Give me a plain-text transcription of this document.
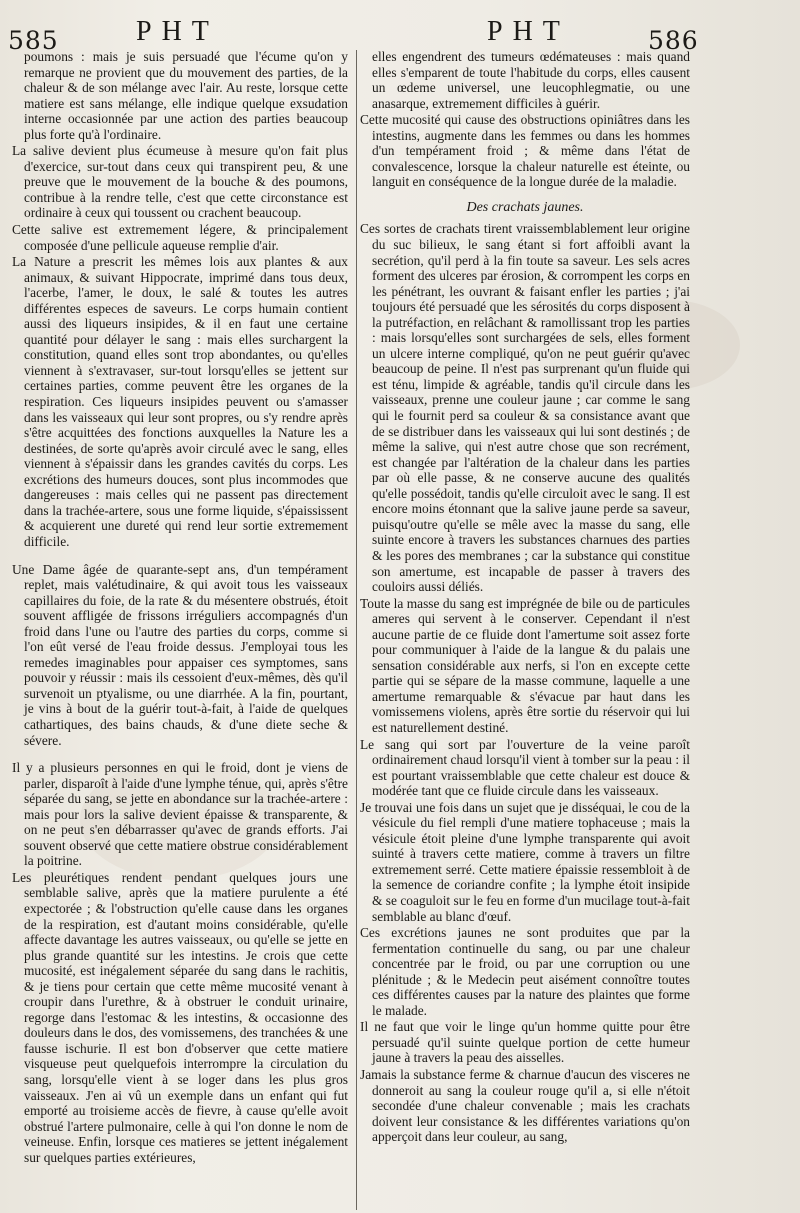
585	PHT	PHT	586

poumons : mais je suis persuadé que l'écume qu'on y remarque ne provient que du mouvement des parties, de la chaleur & de son mélange avec l'air. Au reste, lorsque cette matiere est sans mélange, elle indique quelque exsudation interne occasionnée par une action des parties beaucoup plus forte qu'à l'ordinaire.

La salive devient plus écumeuse à mesure qu'on fait plus d'exercice, sur-tout dans ceux qui transpirent peu, & une preuve que le mouvement de la bouche & des poumons, contribue à la rendre telle, c'est que cette circonstance est ordinaire à ceux qui toussent ou crachent beaucoup.

Cette salive est extremement légere, & principalement composée d'une pellicule aqueuse remplie d'air.

La Nature a prescrit les mêmes lois aux plantes & aux animaux, & suivant Hippocrate, imprimé dans tous deux, l'acerbe, l'amer, le doux, le salé & toutes les autres différentes especes de saveurs. Le corps humain contient aussi des liqueurs insipides, & il en faut une certaine quantité pour délayer le sang : mais elles surchargent la constitution, quand elles sont trop abondantes, ou qu'elles viennent à s'extravaser, sur-tout lorsqu'elles se jettent sur certaines parties, comme peuvent être les organes de la respiration. Ces liqueurs insipides peuvent ou s'amasser dans les vaisseaux qui leur sont propres, ou s'y rendre après s'être acquittées des fonctions auxquelles la Nature les a destinées, de sorte qu'après avoir circulé avec le sang, elles viennent à s'épaissir dans les grandes cavités du corps. Les excrétions des humeurs douces, sont plus incommodes que dangereuses : mais celles qui ne passent pas directement dans la trachée-artere, sous une forme liquide, s'épaississent & acquierent une dureté qui rend leur sortie extremement difficile.

Une Dame âgée de quarante-sept ans, d'un tempérament replet, mais valétudinaire, & qui avoit tous les vaisseaux capillaires du foie, de la rate & du mésentere obstrués, étoit souvent affligée de frissons irréguliers accompagnés d'un froid dans l'une ou l'autre des parties du corps, comme si l'on eût versé de l'eau froide dessus. J'employai tous les remedes imaginables pour appaiser ces symptomes, sans pouvoir y réussir : mais ils cessoient d'eux-mêmes, dès qu'il survenoit un ptyalisme, ou une diarrhée. A la fin, pourtant, je vins à bout de la guérir tout-à-fait, à l'aide de quelques cathartiques, des bains chauds, & d'une diete seche & sévere.

Il y a plusieurs personnes en qui le froid, dont je viens de parler, disparoît à l'aide d'une lymphe ténue, qui, après s'être séparée du sang, se jette en abondance sur la trachée-artere : mais pour lors la salive devient épaisse & transparente, & on ne peut s'en débarrasser qu'avec de grands efforts. J'ai souvent observé que cette matiere obstrue considérablement la poitrine.

Les pleurétiques rendent pendant quelques jours une semblable salive, après que la matiere purulente a été expectorée ; & l'obstruction qu'elle cause dans les organes de la respiration, est d'autant moins considérable, qu'elle affecte davantage les autres vaisseaux, ou qu'elle se jette en plus grande quantité sur les intestins. Je crois que cette mucosité, est inégalement séparée du sang dans le rachitis, & je tiens pour certain que cette même mucosité venant à croupir dans l'urethre, & à obstruer le conduit urinaire, regorge dans l'estomac & les intestins, & occasionne des douleurs dans le dos, des vomissemens, des tranchées & une fausse ischurie. Il est bon d'observer que cette matiere visqueuse peut quelquefois interrompre la circulation du sang, lorsqu'elle vient à se loger dans les plus gros vaisseaux. J'en ai vû un exemple dans un enfant qui fut emporté au troisieme accès de fievre, à cause qu'elle avoit obstrué l'artere pulmonaire, celle à qui l'on donne le nom de veineuse. Enfin, lorsque ces matieres se jettent inégalement sur quelques parties extérieures,

elles engendrent des tumeurs œdémateuses : mais quand elles s'emparent de toute l'habitude du corps, elles causent un œdeme universel, une leucophlegmatie, ou une anasarque, extremement difficiles à guérir.

Cette mucosité qui cause des obstructions opiniâtres dans les intestins, augmente dans les femmes ou dans les hommes d'un tempérament froid ; & même dans l'état de convalescence, lorsque la chaleur naturelle est éteinte, ou languit en conséquence de la longue durée de la maladie.

Des crachats jaunes.

Ces sortes de crachats tirent vraissemblablement leur origine du suc bilieux, le sang étant si fort affoibli avant la secrétion, qu'il perd à la fin toute sa saveur. Les sels acres forment des ulceres par érosion, & corrompent les corps en les pénétrant, les ouvrant & faisant enfler les parties ; j'ai toujours été persuadé que les sérosités du corps disposent à la putréfaction, en relâchant & ramollissant trop les parties : mais lorsqu'elles sont surchargées de sels, elles forment un ulcere interne compliqué, qu'on ne peut guérir qu'avec beaucoup de peine. Il n'est pas surprenant qu'un fluide qui est ténu, limpide & agréable, tandis qu'il circule dans les vaisseaux, prenne une couleur jaune ; car comme le sang qui le fournit perd sa couleur & sa consistance avant que de se distribuer dans les vaisseaux qui lui sont destinés ; de même la salive, qui n'est autre chose que son recrément, est changée par l'altération de la chaleur dans les parties par où elle passe, & ne conserve aucune des qualités qu'elle possédoit, tandis qu'elle circuloit avec le sang. Il est encore moins étonnant que la salive jaune perde sa saveur, puisqu'outre qu'elle se mêle avec la masse du sang, elle suinte encore à travers les substances charnues des parties & les pores des membranes ; car la substance qui constitue son amertume, est incapable de passer à travers des couloirs aussi déliés.

Toute la masse du sang est imprégnée de bile ou de particules ameres qui servent à le conserver. Cependant il n'est aucune partie de ce fluide dont l'amertume soit assez forte pour communiquer à l'aide de la langue & du palais une sensation considérable aux nerfs, si l'on en excepte cette partie qui se sépare de la masse commune, laquelle a une amertume remarquable & s'évacue par haut dans les vomissemens violens, après être sortie du réservoir qui lui est naturellement destiné.

Le sang qui sort par l'ouverture de la veine paroît ordinairement chaud lorsqu'il vient à tomber sur la peau : il est pourtant vraissemblable que cette chaleur est douce & modérée tant que ce fluide circule dans les vaisseaux.

Je trouvai une fois dans un sujet que je disséquai, le cou de la vésicule du fiel rempli d'une matiere tophaceuse ; mais la vésicule étoit pleine d'une lymphe transparente qui avoit suinté à travers cette matiere, comme à travers un filtre extremement serré. Cette matiere épaissie ressembloit à de la semence de coriandre confite ; la lymphe étoit insipide & se coaguloit sur le feu en forme d'un mucilage tout-à-fait semblable au blanc d'œuf.

Ces excrétions jaunes ne sont produites que par la fermentation continuelle du sang, ou par une chaleur concentrée par le froid, ou par une corruption ou une plénitude ; & le Medecin peut aisément connoître toutes ces différentes causes par la nature des plaintes que forme le malade.

Il ne faut que voir le linge qu'un homme quitte pour être persuadé qu'il suinte quelque portion de cette humeur jaune à travers la peau des aisselles.

Jamais la substance ferme & charnue d'aucun des visceres ne donneroit au sang la couleur rouge qu'il a, si elle n'étoit secondée d'une chaleur convenable ; mais les crachats doivent leur consistance & les différentes variations qu'on apperçoit dans leur couleur, au sang,
